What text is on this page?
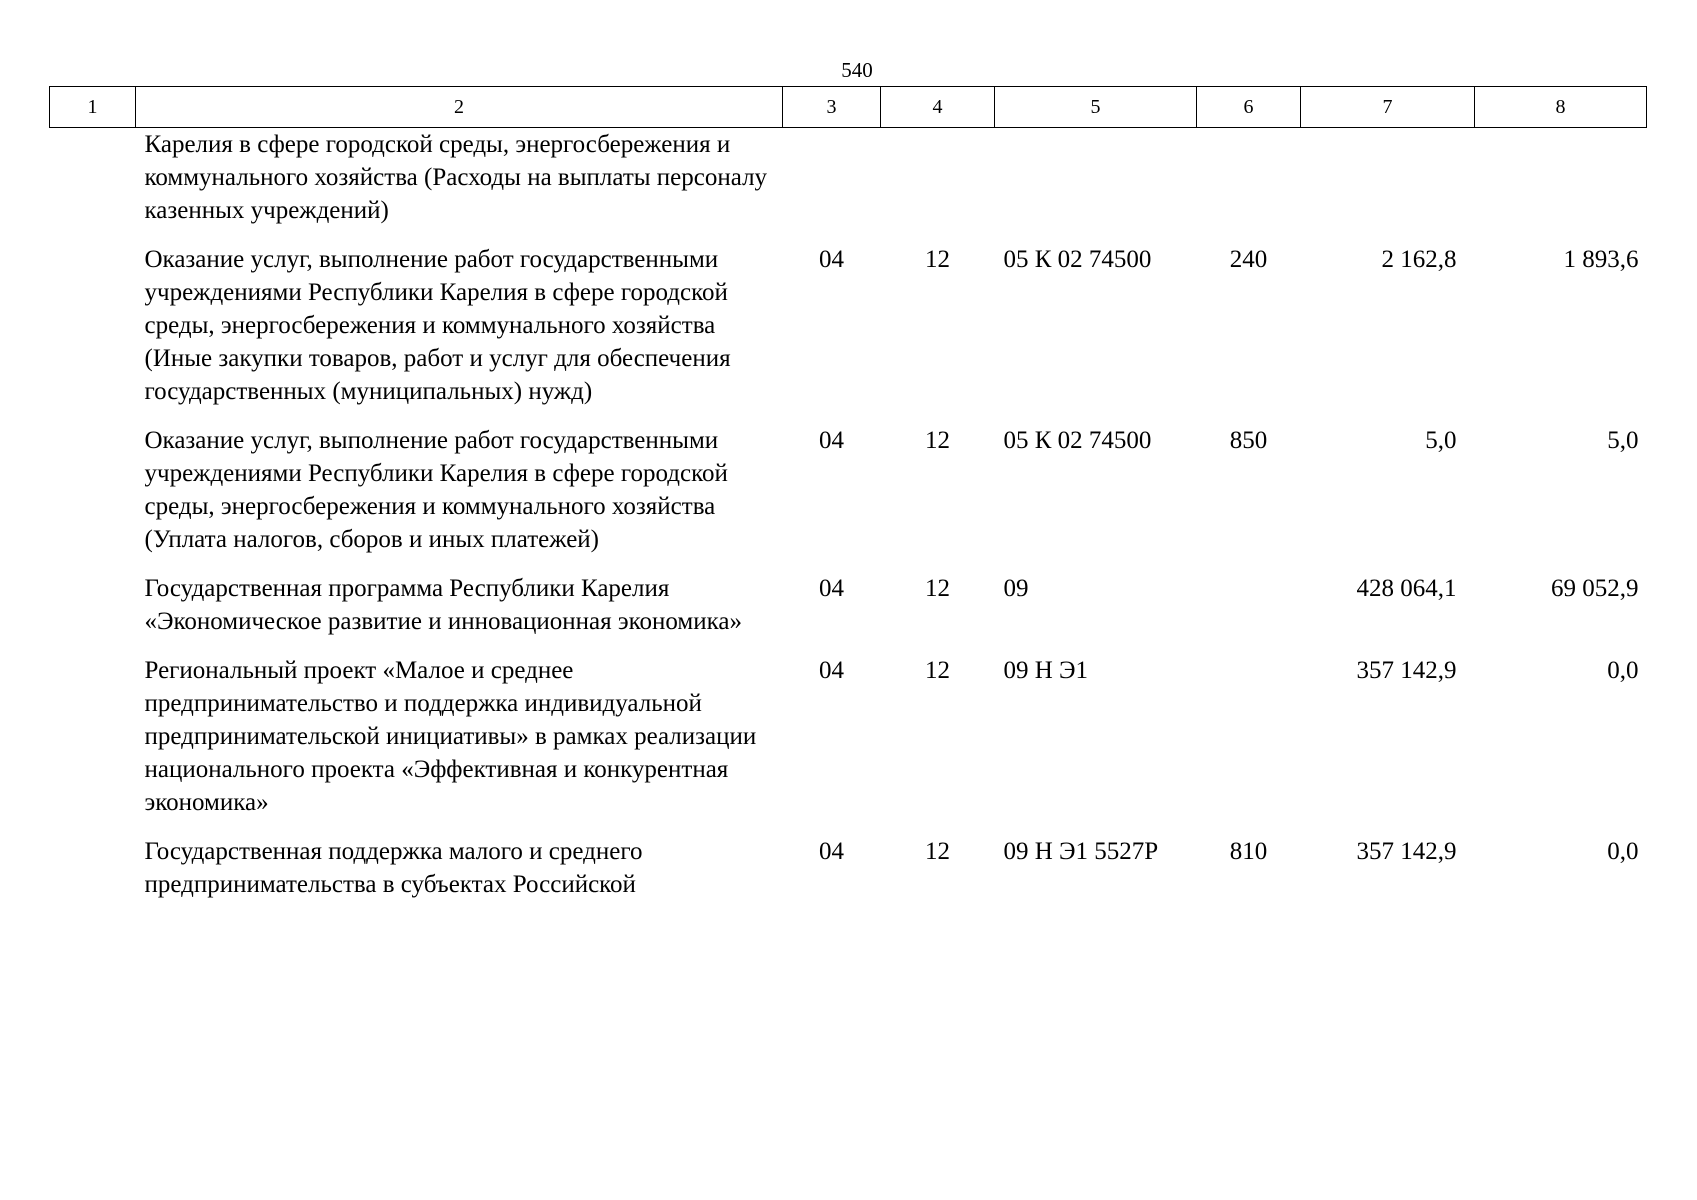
540
1	2	3	4	5	6	7	8
	Карелия в сфере городской среды, энергосбережения и коммунального хозяйства (Расходы на выплаты персоналу казенных учреждений)						
	Оказание услуг, выполнение работ государственными учреждениями Республики Карелия в сфере городской среды, энергосбережения и коммунального хозяйства (Иные закупки товаров, работ и услуг для обеспечения государственных (муниципальных) нужд)	04	12	05 К 02 74500	240	2 162,8	1 893,6
	Оказание услуг, выполнение работ государственными учреждениями Республики Карелия в сфере городской среды, энергосбережения и коммунального хозяйства (Уплата налогов, сборов и иных платежей)	04	12	05 К 02 74500	850	5,0	5,0
	Государственная программа Республики Карелия «Экономическое развитие и инновационная экономика»	04	12	09		428 064,1	69 052,9
	Региональный проект «Малое и среднее предпринимательство и поддержка индивидуальной предпринимательской инициативы» в рамках реализации национального проекта «Эффективная и конкурентная экономика»	04	12	09 Н Э1		357 142,9	0,0
	Государственная поддержка малого и среднего предпринимательства в субъектах Российской	04	12	09 Н Э1 5527Р	810	357 142,9	0,0
